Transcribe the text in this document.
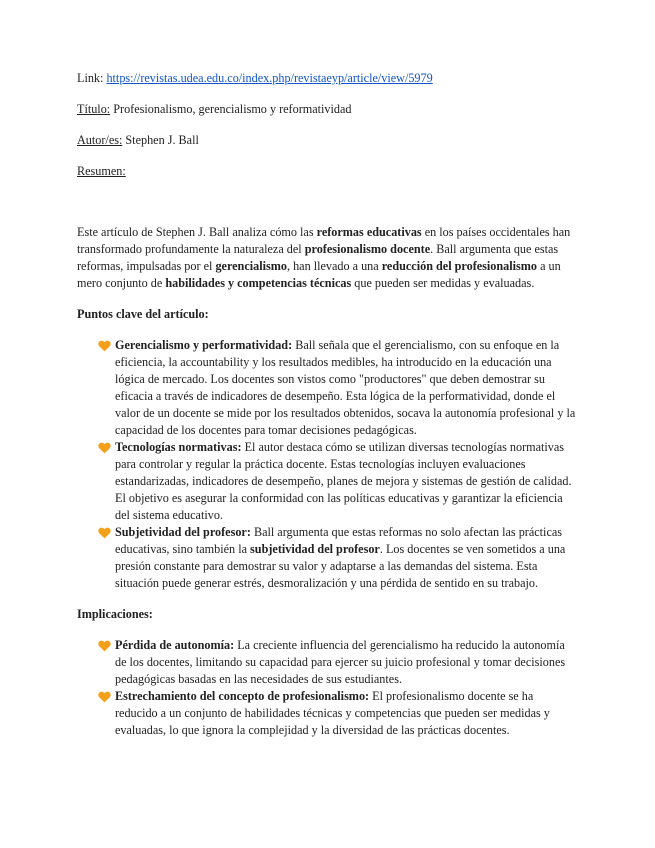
Link: https://revistas.udea.edu.co/index.php/revistaeyp/article/view/5979

Título: Profesionalismo, gerencialismo y reformatividad

Autor/es: Stephen J. Ball

Resumen:

Este artículo de Stephen J. Ball analiza cómo las reformas educativas en los países occidentales han transformado profundamente la naturaleza del profesionalismo docente. Ball argumenta que estas reformas, impulsadas por el gerencialismo, han llevado a una reducción del profesionalismo a un mero conjunto de habilidades y competencias técnicas que pueden ser medidas y evaluadas.

Puntos clave del artículo:

Gerencialismo y performatividad: Ball señala que el gerencialismo, con su enfoque en la eficiencia, la accountability y los resultados medibles, ha introducido en la educación una lógica de mercado. Los docentes son vistos como "productores" que deben demostrar su eficacia a través de indicadores de desempeño. Esta lógica de la performatividad, donde el valor de un docente se mide por los resultados obtenidos, socava la autonomía profesional y la capacidad de los docentes para tomar decisiones pedagógicas.
Tecnologías normativas: El autor destaca cómo se utilizan diversas tecnologías normativas para controlar y regular la práctica docente. Estas tecnologías incluyen evaluaciones estandarizadas, indicadores de desempeño, planes de mejora y sistemas de gestión de calidad. El objetivo es asegurar la conformidad con las políticas educativas y garantizar la eficiencia del sistema educativo.
Subjetividad del profesor: Ball argumenta que estas reformas no solo afectan las prácticas educativas, sino también la subjetividad del profesor. Los docentes se ven sometidos a una presión constante para demostrar su valor y adaptarse a las demandas del sistema. Esta situación puede generar estrés, desmoralización y una pérdida de sentido en su trabajo.

Implicaciones:

Pérdida de autonomía: La creciente influencia del gerencialismo ha reducido la autonomía de los docentes, limitando su capacidad para ejercer su juicio profesional y tomar decisiones pedagógicas basadas en las necesidades de sus estudiantes.
Estrechamiento del concepto de profesionalismo: El profesionalismo docente se ha reducido a un conjunto de habilidades técnicas y competencias que pueden ser medidas y evaluadas, lo que ignora la complejidad y la diversidad de las prácticas docentes.
